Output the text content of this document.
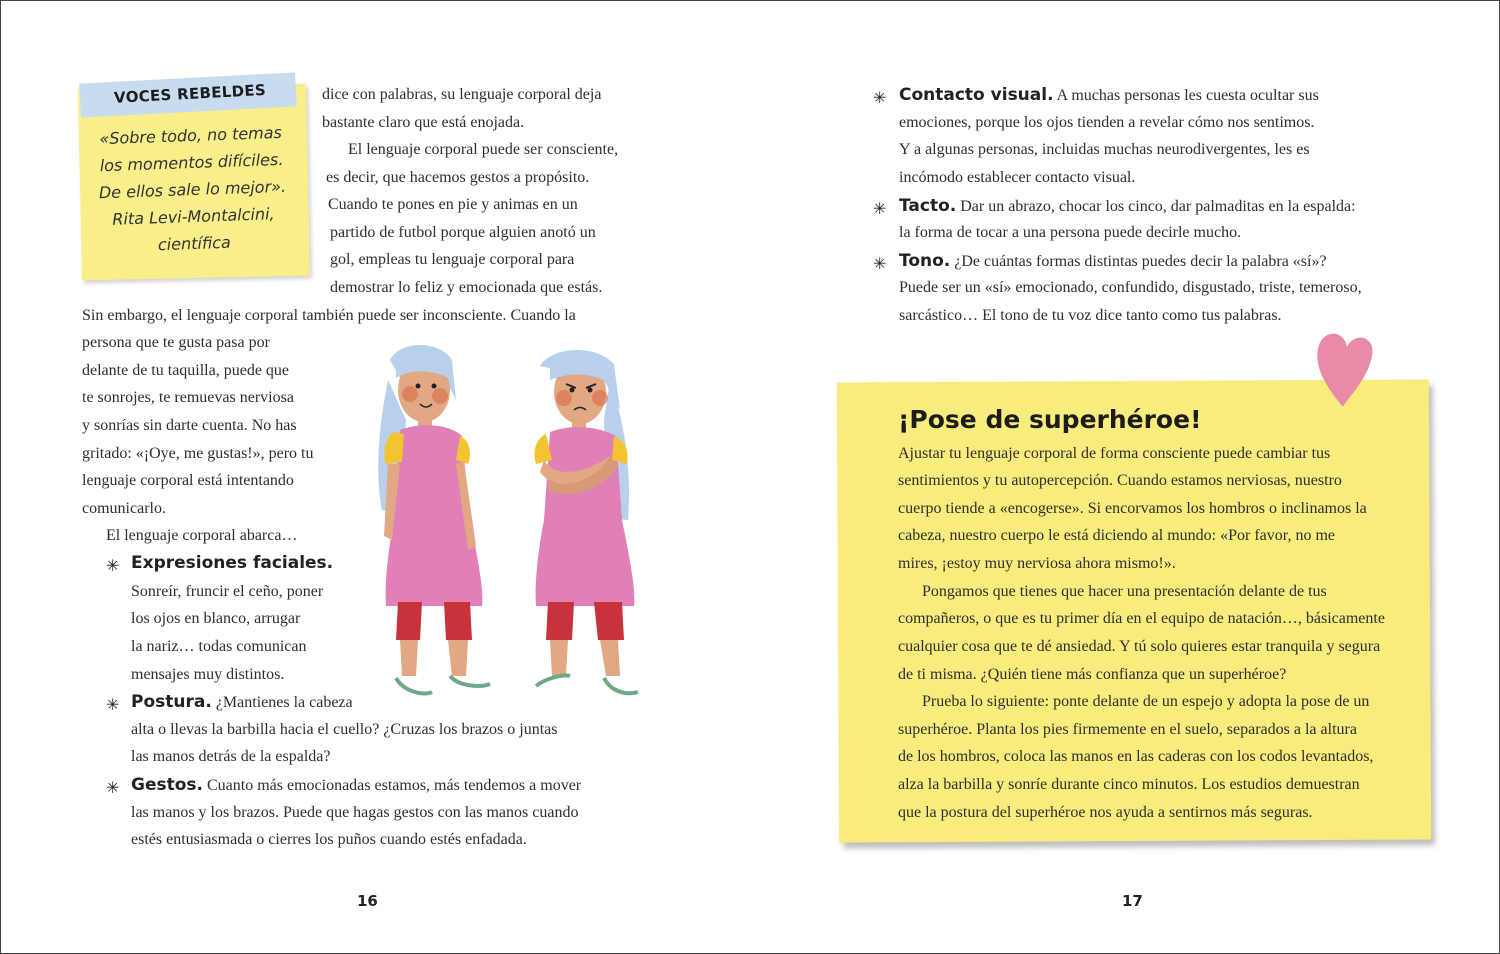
VOCES REBELDES
«Sobre todo, no temas
los momentos difíciles.
De ellos sale lo mejor».
Rita Levi-Montalcini,
científica
dice con palabras, su lenguaje corporal deja
bastante claro que está enojada.
El lenguaje corporal puede ser consciente,
es decir, que hacemos gestos a propósito.
Cuando te pones en pie y animas en un
partido de futbol porque alguien anotó un
gol, empleas tu lenguaje corporal para
demostrar lo feliz y emocionada que estás.
Sin embargo, el lenguaje corporal también puede ser inconsciente. Cuando la
persona que te gusta pasa por
delante de tu taquilla, puede que
te sonrojes, te remuevas nerviosa
y sonrías sin darte cuenta. No has
gritado: «¡Oye, me gustas!», pero tu
lenguaje corporal está intentando
comunicarlo.
El lenguaje corporal abarca…
✳ Expresiones faciales.
Sonreír, fruncir el ceño, poner
los ojos en blanco, arrugar
la nariz… todas comunican
mensajes muy distintos.
✳ Postura. ¿Mantienes la cabeza
alta o llevas la barbilla hacia el cuello? ¿Cruzas los brazos o juntas
las manos detrás de la espalda?
✳ Gestos. Cuanto más emocionadas estamos, más tendemos a mover
las manos y los brazos. Puede que hagas gestos con las manos cuando
estés entusiasmada o cierres los puños cuando estés enfadada.
16
✳ Contacto visual. A muchas personas les cuesta ocultar sus
emociones, porque los ojos tienden a revelar cómo nos sentimos.
Y a algunas personas, incluidas muchas neurodivergentes, les es
incómodo establecer contacto visual.
✳ Tacto. Dar un abrazo, chocar los cinco, dar palmaditas en la espalda:
la forma de tocar a una persona puede decirle mucho.
✳ Tono. ¿De cuántas formas distintas puedes decir la palabra «sí»?
Puede ser un «sí» emocionado, confundido, disgustado, triste, temeroso,
sarcástico… El tono de tu voz dice tanto como tus palabras.
¡Pose de superhéroe!
Ajustar tu lenguaje corporal de forma consciente puede cambiar tus
sentimientos y tu autopercepción. Cuando estamos nerviosas, nuestro
cuerpo tiende a «encogerse». Si encorvamos los hombros o inclinamos la
cabeza, nuestro cuerpo le está diciendo al mundo: «Por favor, no me
mires, ¡estoy muy nerviosa ahora mismo!».
Pongamos que tienes que hacer una presentación delante de tus
compañeros, o que es tu primer día en el equipo de natación…, básicamente
cualquier cosa que te dé ansiedad. Y tú solo quieres estar tranquila y segura
de ti misma. ¿Quién tiene más confianza que un superhéroe?
Prueba lo siguiente: ponte delante de un espejo y adopta la pose de un
superhéroe. Planta los pies firmemente en el suelo, separados a la altura
de los hombros, coloca las manos en las caderas con los codos levantados,
alza la barbilla y sonríe durante cinco minutos. Los estudios demuestran
que la postura del superhéroe nos ayuda a sentirnos más seguras.
17
